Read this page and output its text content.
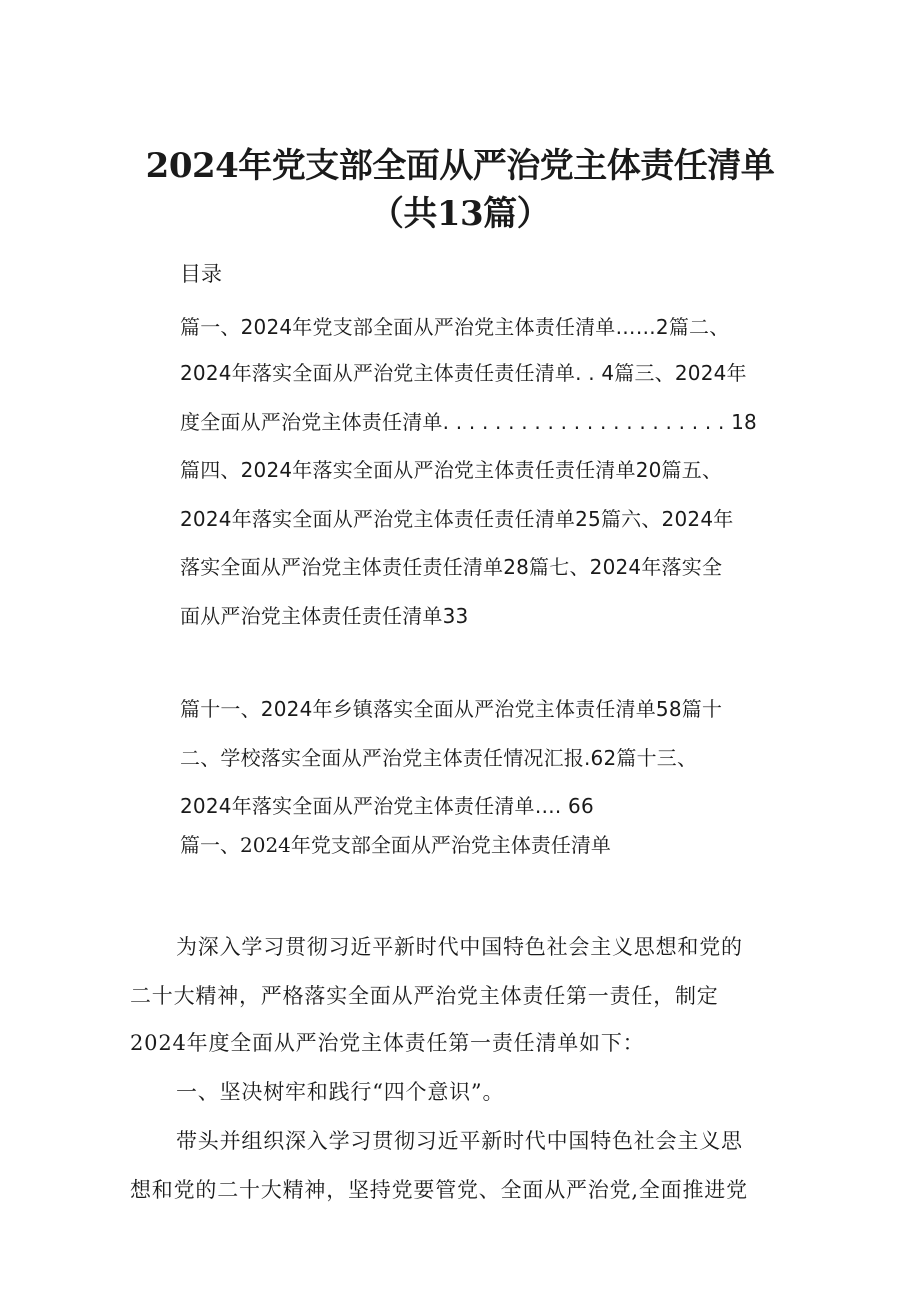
2024年党支部全面从严治党主体责任清单
（共13篇）
目录
篇一、2024年党支部全面从严治党主体责任清单……2篇二、
2024年落实全面从严治党主体责任责任清单. . 4篇三、2024年
度全面从严治党主体责任清单. . . . . . . . . . . . . . . . . . . . . . 18
篇四、2024年落实全面从严治党主体责任责任清单20篇五、
2024年落实全面从严治党主体责任责任清单25篇六、2024年
落实全面从严治党主体责任责任清单28篇七、2024年落实全
面从严治党主体责任责任清单33
篇十一、2024年乡镇落实全面从严治党主体责任清单58篇十
二、学校落实全面从严治党主体责任情况汇报.62篇十三、
2024年落实全面从严治党主体责任清单…. 66
篇一、2024年党支部全面从严治党主体责任清单
为深入学习贯彻习近平新时代中国特色社会主义思想和党的
二十大精神，严格落实全面从严治党主体责任第一责任，制定
2024年度全面从严治党主体责任第一责任清单如下：
一、坚决树牢和践行“四个意识”。
带头并组织深入学习贯彻习近平新时代中国特色社会主义思
想和党的二十大精神，坚持党要管党、全面从严治党,全面推进党
